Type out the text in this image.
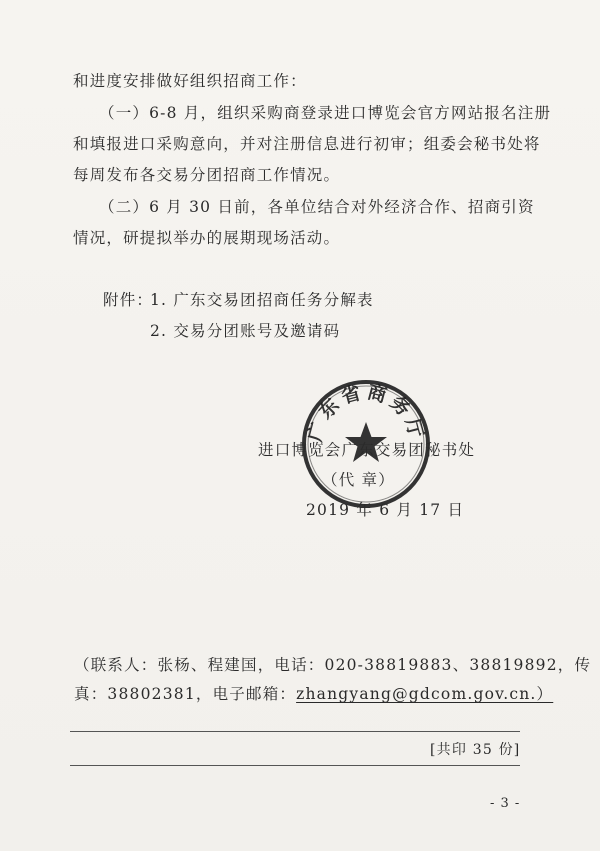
和进度安排做好组织招商工作：
（一）6-8 月，组织采购商登录进口博览会官方网站报名注册
和填报进口采购意向，并对注册信息进行初审；组委会秘书处将
每周发布各交易分团招商工作情况。
（二）6 月 30 日前，各单位结合对外经济合作、招商引资
情况，研提拟举办的展期现场活动。
附件：
1. 广东交易团招商任务分解表
2. 交易分团账号及邀请码
广东省商务厅
进口博览会广东交易团秘书处
（代 章）
2019 年 6 月 17 日
（联系人：张杨、程建国，电话：020-38819883、38819892，传
真：38802381，电子邮箱：zhangyang@gdcom.gov.cn.）
[共印 35 份]
- 3 -
